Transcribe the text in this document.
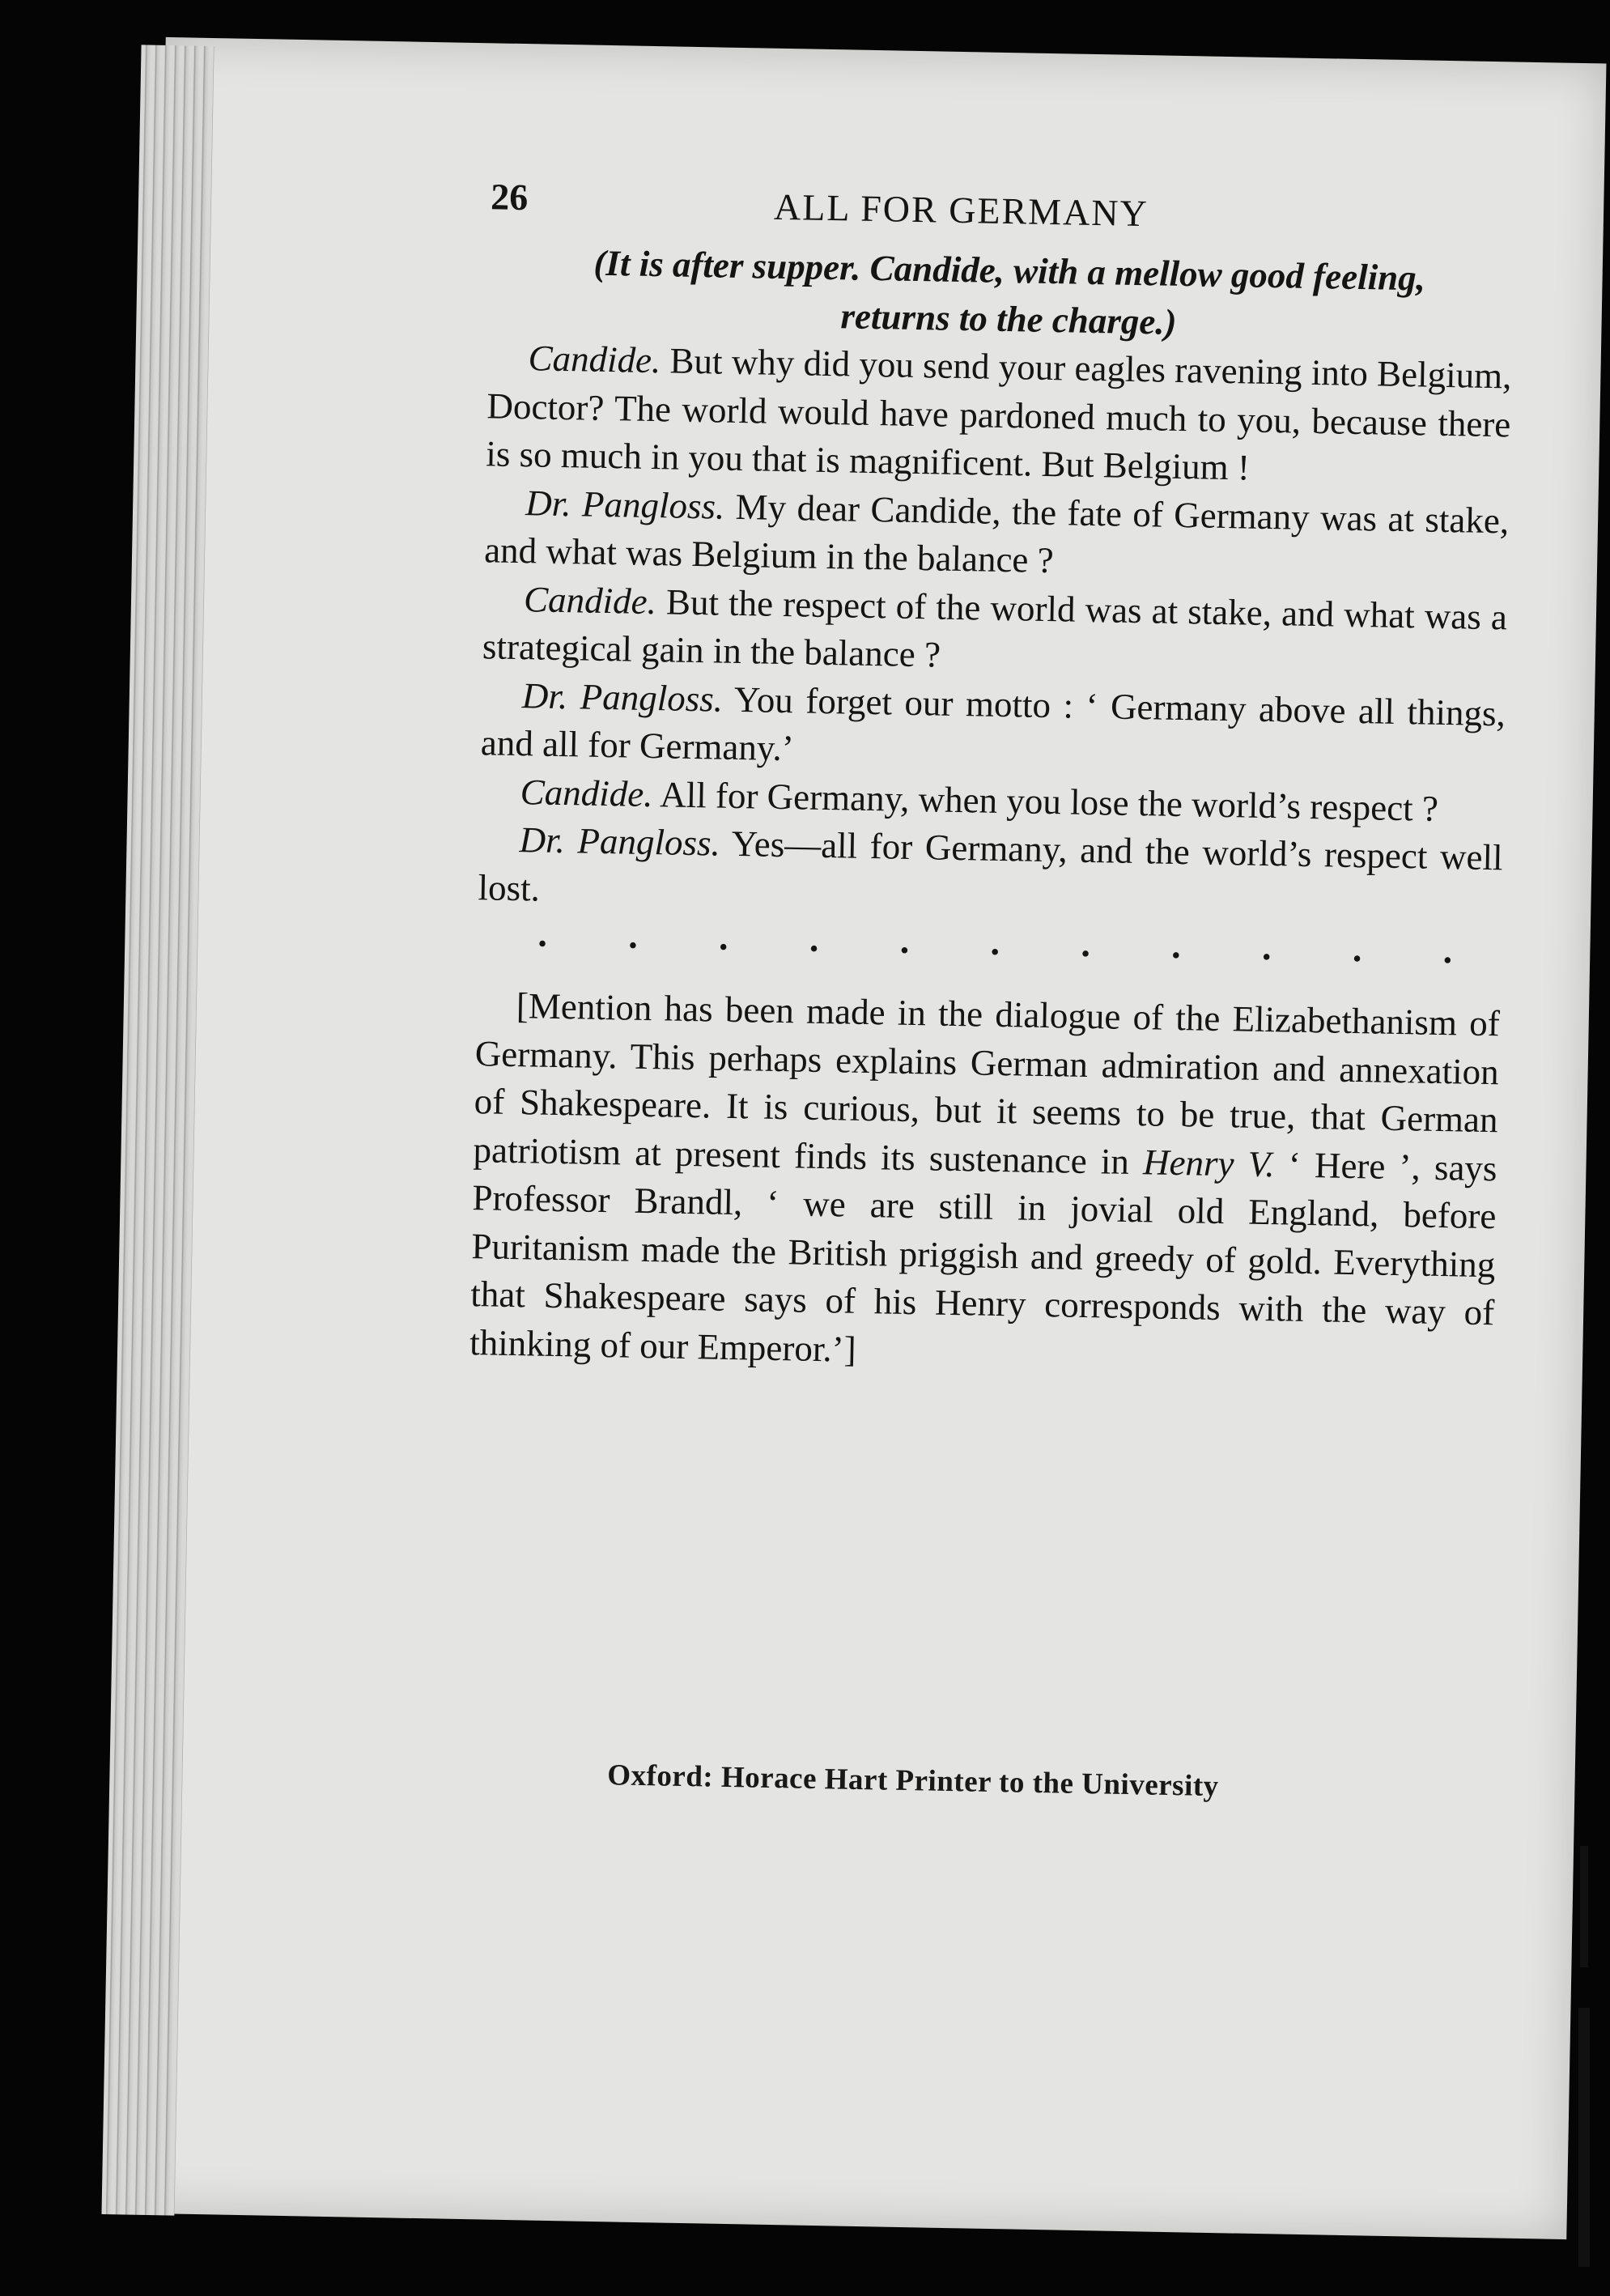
26	ALL FOR GERMANY
(It is after supper. Candide, with a mellow good feeling,
returns to the charge.)

Candide. But why did you send your eagles ravening into Belgium, Doctor? The world would have pardoned much to you, because there is so much in you that is magnificent. But Belgium !

Dr. Pangloss. My dear Candide, the fate of Germany was at stake, and what was Belgium in the balance ?

Candide. But the respect of the world was at stake, and what was a strategical gain in the balance ?

Dr. Pangloss. You forget our motto : ‘ Germany above all things, and all for Germany.’

Candide. All for Germany, when you lose the world’s respect ?

Dr. Pangloss. Yes—all for Germany, and the world’s respect well lost.

. . . . . . . . . . .

[Mention has been made in the dialogue of the Elizabethanism of Germany. This perhaps explains German admiration and annexation of Shakespeare. It is curious, but it seems to be true, that German patriotism at present finds its sustenance in Henry V. ‘ Here ’, says Professor Brandl, ‘ we are still in jovial old England, before Puritanism made the British priggish and greedy of gold. Everything that Shakespeare says of his Henry corresponds with the way of thinking of our Emperor.’]

Oxford: Horace Hart Printer to the University
